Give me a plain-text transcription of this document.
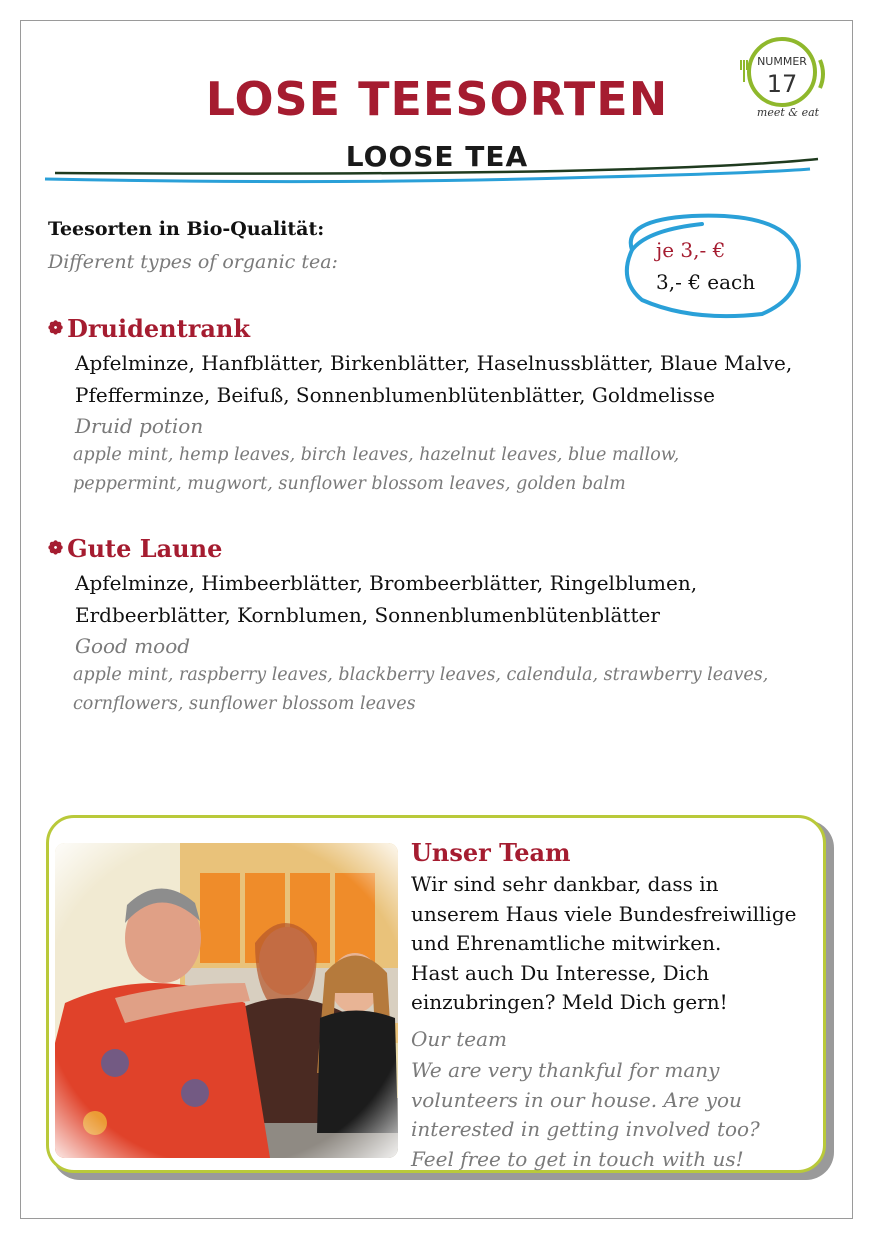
NUMMER
17
meet & eat
LOSE TEESORTEN
LOOSE TEA
Teesorten in Bio-Qualität:
Different types of organic tea:	je 3,- €
3,- € each
❁ Druidentrank
Apfelminze, Hanfblätter, Birkenblätter, Haselnussblätter, Blaue Malve,
Pfefferminze, Beifuß, Sonnenblumenblütenblätter, Goldmelisse
Druid potion
apple mint, hemp leaves, birch leaves, hazelnut leaves, blue mallow,
peppermint, mugwort, sunflower blossom leaves, golden balm
❁ Gute Laune
Apfelminze, Himbeerblätter, Brombeerblätter, Ringelblumen,
Erdbeerblätter, Kornblumen, Sonnenblumenblütenblätter
Good mood
apple mint, raspberry leaves, blackberry leaves, calendula, strawberry leaves,
cornflowers, sunflower blossom leaves
Unser Team
Wir sind sehr dankbar, dass in
unserem Haus viele Bundesfreiwillige
und Ehrenamtliche mitwirken.
Hast auch Du Interesse, Dich
einzubringen? Meld Dich gern!
Our team
We are very thankful for many
volunteers in our house. Are you
interested in getting involved too?
Feel free to get in touch with us!
